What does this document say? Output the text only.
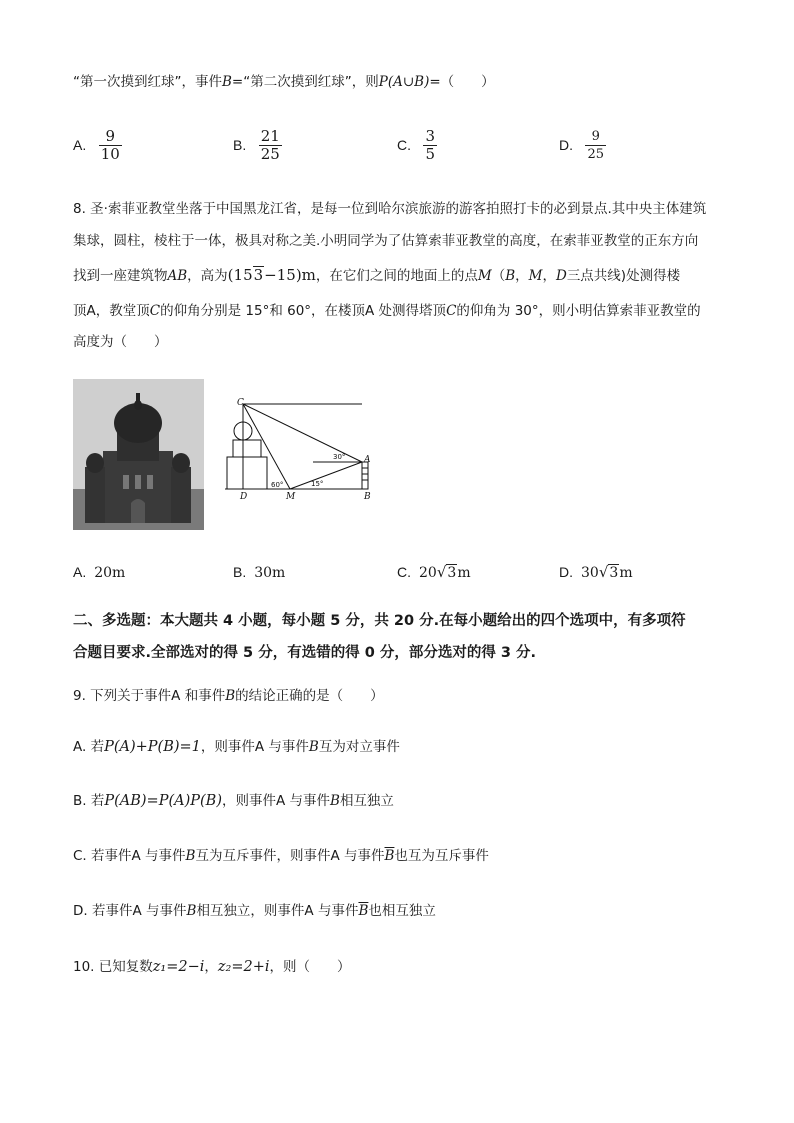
“第一次摸到红球”，事件B=“第二次摸到红球”，则P(A∪B)=（　　）
A. $\frac{9}{10}$	B. $\frac{21}{25}$	C. $\frac{3}{5}$	D. $\frac{9}{25}$
8. 圣·索菲亚教堂坐落于中国黑龙江省，是每一位到哈尔滨旅游的游客拍照打卡的必到景点.其中央主体建筑
集球，圆柱，棱柱于一体，极具对称之美.小明同学为了估算索菲亚教堂的高度，在索菲亚教堂的正东方向
找到一座建筑物AB，高为(153−15)m，在它们之间的地面上的点M（B，M，D三点共线)处测得楼
顶A，教堂顶C的仰角分别是 15°和 60°，在楼顶A 处测得塔顶C的仰角为 30°，则小明估算索菲亚教堂的
高度为（　　）
C
A
B
D	M
60°	15°
30°
A. 20m	B. 30m	C. 20√3m	D. 30√3m
二、多选题：本大题共 4 小题，每小题 5 分，共 20 分.在每小题给出的四个选项中，有多项符
合题目要求.全部选对的得 5 分，有选错的得 0 分，部分选对的得 3 分.
9. 下列关于事件A 和事件B的结论正确的是（　　）
A. 若P(A)+P(B)=1，则事件A 与事件B互为对立事件
B. 若P(AB)=P(A)P(B)，则事件A 与事件B相互独立
C. 若事件A 与事件B互为互斥事件，则事件A 与事件$\overline{B}$也互为互斥事件
D. 若事件A 与事件B相互独立，则事件A 与事件$\overline{B}$也相互独立
10. 已知复数z₁=2−i，z₂=2+i，则（　　）
